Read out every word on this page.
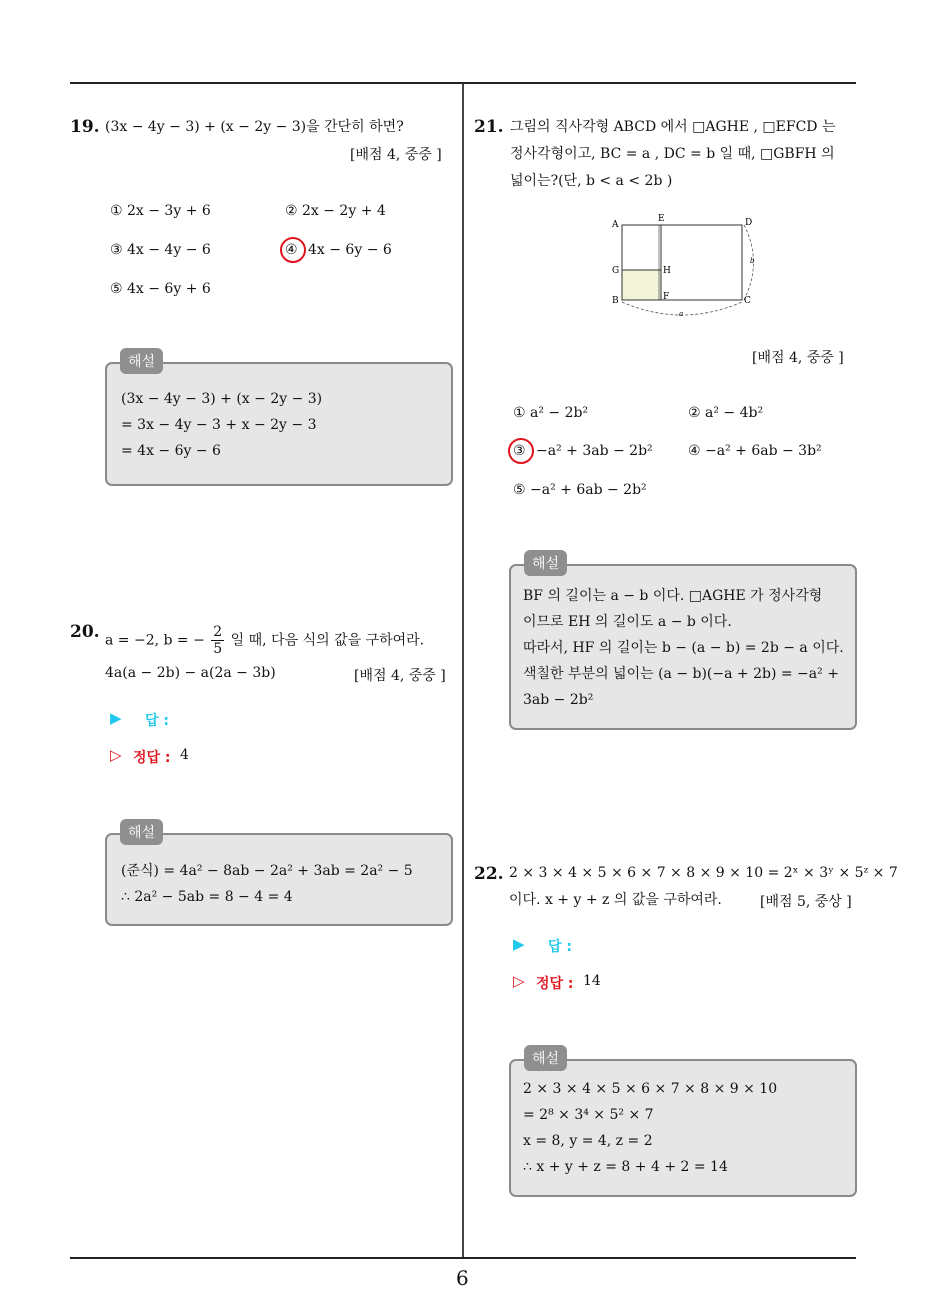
19. (3x − 4y − 3) + (x − 2y − 3)을 간단히 하면?
[배점 4, 중중 ]
① 2x − 3y + 6	② 2x − 2y + 4
③ 4x − 4y − 6	④ 4x − 6y − 6
⑤ 4x − 6y + 6
(3x − 4y − 3) + (x − 2y − 3)
= 3x − 4y − 3 + x − 2y − 3
= 4x − 6y − 6
해설
20. a = −2, b = − $\frac{2}{5}$ 일 때, 다음 식의 값을 구하여라.
4a(a − 2b) − a(2a − 3b)	[배점 4, 중중 ]
▶ 답 :
▷ 정답 : 4
(준식) = 4a² − 8ab − 2a² + 3ab = 2a² − 5
∴ 2a² − 5ab = 8 − 4 = 4
해설
21. 그림의 직사각형 ABCD 에서 □AGHE , □EFCD 는
정사각형이고, BC = a , DC = b 일 때, □GBFH 의
넓이는?(단, b < a < 2b )
A
E	D
G	H
B	F	C
a
b
[배점 4, 중중 ]
① a² − 2b²	② a² − 4b²
③ −a² + 3ab − 2b²	④ −a² + 6ab − 3b²
⑤ −a² + 6ab − 2b²
BF 의 길이는 a − b 이다. □AGHE 가 정사각형
이므로 EH 의 길이도 a − b 이다.
따라서, HF 의 길이는 b − (a − b) = 2b − a 이다.
색칠한 부분의 넓이는 (a − b)(−a + 2b) = −a² +
3ab − 2b²
해설
22. 2 × 3 × 4 × 5 × 6 × 7 × 8 × 9 × 10 = 2ˣ × 3ʸ × 5ᶻ × 7
이다. x + y + z 의 값을 구하여라.	[배점 5, 중상 ]
▶ 답 :
▷ 정답 : 14
2 × 3 × 4 × 5 × 6 × 7 × 8 × 9 × 10
= 2⁸ × 3⁴ × 5² × 7
x = 8, y = 4, z = 2
∴ x + y + z = 8 + 4 + 2 = 14
해설
6
